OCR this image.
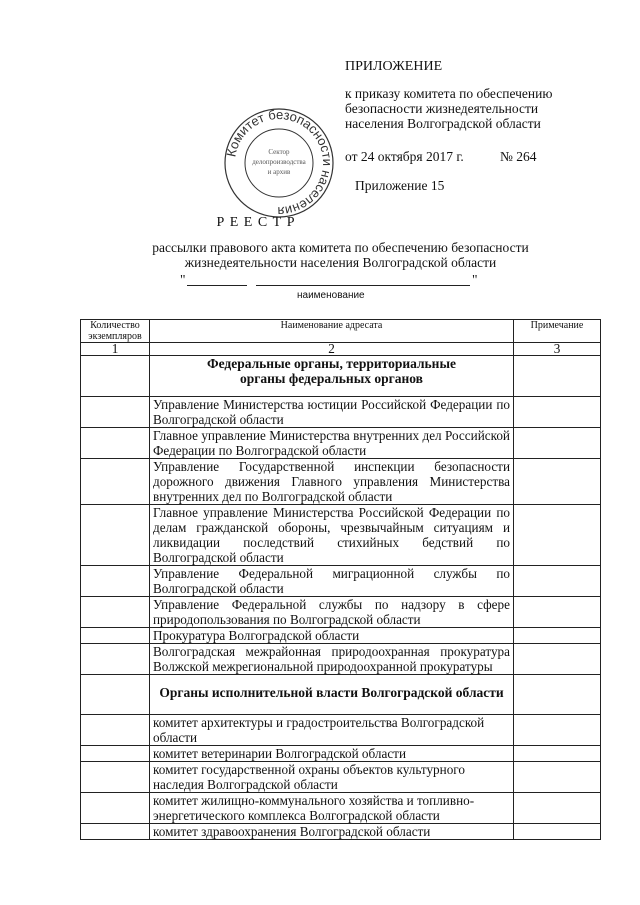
ПРИЛОЖЕНИЕ
к приказу комитета по обеспечению
безопасности жизнедеятельности
населения Волгоградской области
от 24 октября 2017 г.	№ 264
Приложение 15
Комитет безопасности населения
Сектор
делопроизводства
и архив
Р Е Е С Т Р
рассылки правового акта комитета по обеспечению безопасности
жизнедеятельности населения Волгоградской области
"	"
наименование
Количество экземпляров	Наименование адресата	Примечание
1	2	3
	Федеральные органы, территориальные органы федеральных органов	
	Управление Министерства юстиции Российской Федерации по Волгоградской области	
	Главное управление Министерства внутренних дел Российской Федерации по Волгоградской области	
	Управление Государственной инспекции безопасности дорожного движения Главного управления Министерства внутренних дел по Волгоградской области	
	Главное управление Министерства Российской Федерации по делам гражданской обороны, чрезвычайным ситуациям и ликвидации последствий стихийных бедствий по Волгоградской области	
	Управление Федеральной миграционной службы по Волгоградской области	
	Управление Федеральной службы по надзору в сфере природопользования по Волгоградской области	
	Прокуратура Волгоградской области	
	Волгоградская межрайонная природоохранная прокуратура Волжской межрегиональной природоохранной прокуратуры	
	Органы исполнительной власти Волгоградской области	
	комитет архитектуры и градостроительства Волгоградской области	
	комитет ветеринарии Волгоградской области	
	комитет государственной охраны объектов культурного наследия Волгоградской области	
	комитет жилищно-коммунального хозяйства и топливно-энергетического комплекса Волгоградской области	
	комитет здравоохранения Волгоградской области	
